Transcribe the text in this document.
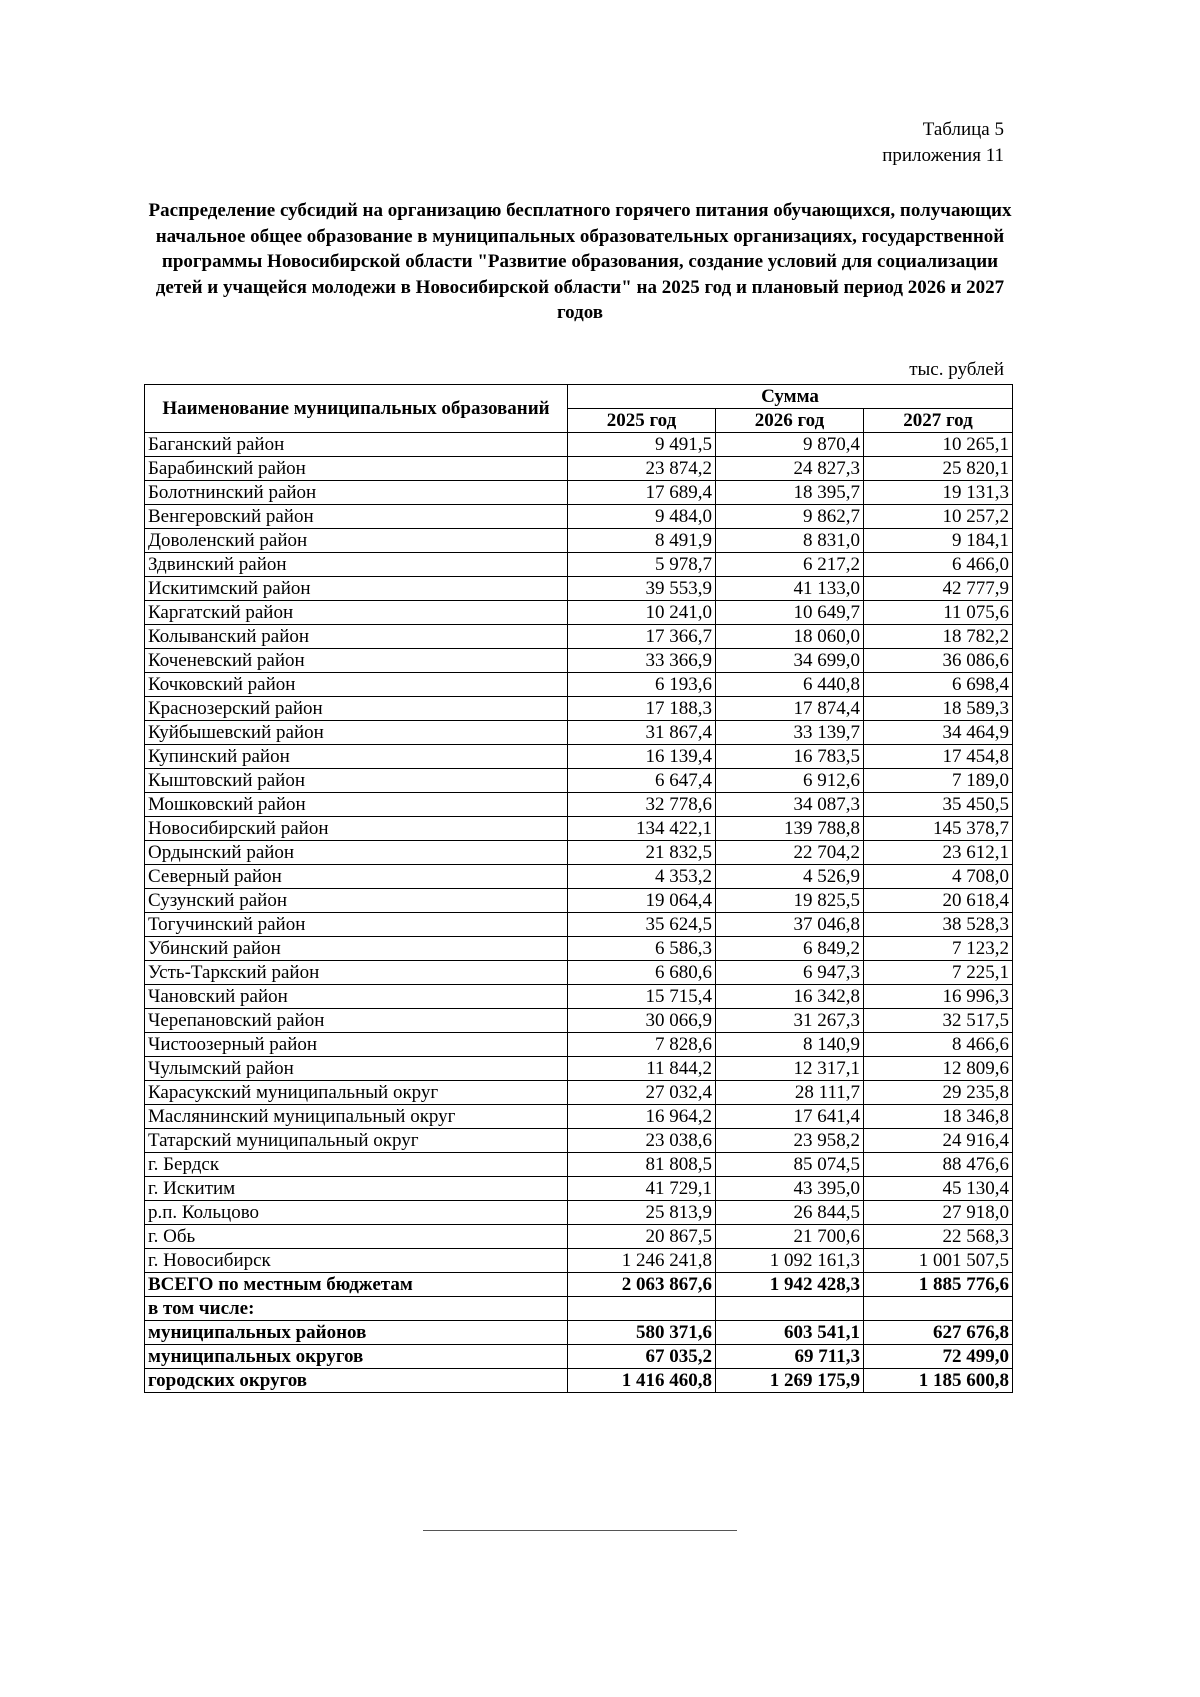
Таблица 5
приложения 11
Распределение субсидий на организацию бесплатного горячего питания обучающихся, получающих начальное общее образование в муниципальных образовательных организациях, государственной программы Новосибирской области "Развитие образования, создание условий для социализации детей и учащейся молодежи в Новосибирской области" на 2025 год и плановый период 2026 и 2027 годов
тыс. рублей
Наименование муниципальных образований	Сумма		
	2025 год	2026 год	2027 год
Баганский район	9 491,5	9 870,4	10 265,1
Барабинский район	23 874,2	24 827,3	25 820,1
Болотнинский район	17 689,4	18 395,7	19 131,3
Венгеровский район	9 484,0	9 862,7	10 257,2
Доволенский район	8 491,9	8 831,0	9 184,1
Здвинский район	5 978,7	6 217,2	6 466,0
Искитимский район	39 553,9	41 133,0	42 777,9
Каргатский район	10 241,0	10 649,7	11 075,6
Колыванский район	17 366,7	18 060,0	18 782,2
Коченевский район	33 366,9	34 699,0	36 086,6
Кочковский район	6 193,6	6 440,8	6 698,4
Краснозерский район	17 188,3	17 874,4	18 589,3
Куйбышевский район	31 867,4	33 139,7	34 464,9
Купинский район	16 139,4	16 783,5	17 454,8
Кыштовский район	6 647,4	6 912,6	7 189,0
Мошковский район	32 778,6	34 087,3	35 450,5
Новосибирский район	134 422,1	139 788,8	145 378,7
Ордынский район	21 832,5	22 704,2	23 612,1
Северный район	4 353,2	4 526,9	4 708,0
Сузунский район	19 064,4	19 825,5	20 618,4
Тогучинский район	35 624,5	37 046,8	38 528,3
Убинский район	6 586,3	6 849,2	7 123,2
Усть-Таркский район	6 680,6	6 947,3	7 225,1
Чановский район	15 715,4	16 342,8	16 996,3
Черепановский район	30 066,9	31 267,3	32 517,5
Чистоозерный район	7 828,6	8 140,9	8 466,6
Чулымский район	11 844,2	12 317,1	12 809,6
Карасукский муниципальный округ	27 032,4	28 111,7	29 235,8
Маслянинский муниципальный округ	16 964,2	17 641,4	18 346,8
Татарский муниципальный округ	23 038,6	23 958,2	24 916,4
г. Бердск	81 808,5	85 074,5	88 476,6
г. Искитим	41 729,1	43 395,0	45 130,4
р.п. Кольцово	25 813,9	26 844,5	27 918,0
г. Обь	20 867,5	21 700,6	22 568,3
г. Новосибирск	1 246 241,8	1 092 161,3	1 001 507,5
ВСЕГО по местным бюджетам	2 063 867,6	1 942 428,3	1 885 776,6
в том числе:			
муниципальных районов	580 371,6	603 541,1	627 676,8
муниципальных округов	67 035,2	69 711,3	72 499,0
городских округов	1 416 460,8	1 269 175,9	1 185 600,8
